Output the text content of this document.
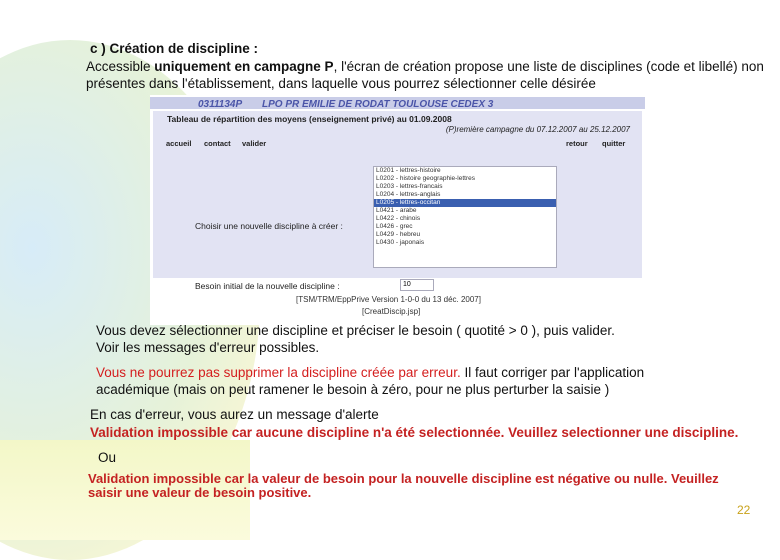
c ) Création de discipline :
Accessible uniquement en campagne P, l'écran de création propose une liste de disciplines (code et libellé) non présentes dans l'établissement, dans laquelle vous pourrez sélectionner celle désirée
0311134P LPO PR EMILIE DE RODAT TOULOUSE CEDEX 3
Tableau de répartition des moyens (enseignement privé) au 01.09.2008
(P)remière campagne du 07.12.2007 au 25.12.2007
accueil contact valider	retour quitter
Choisir une nouvelle discipline à créer :
L0201 - lettres-histoire
L0202 - histoire geographie-lettres
L0203 - lettres-francais
L0204 - lettres-anglais
L0205 - lettres-occitan
L0421 - arabe
L0422 - chinois
L0426 - grec
L0429 - hebreu
L0430 - japonais
Besoin initial de la nouvelle discipline :	10
[TSM/TRM/EppPrive Version 1-0-0 du 13 déc. 2007]
[CreatDiscip.jsp]
Vous devez sélectionner une discipline et préciser le besoin ( quotité > 0 ), puis valider.
Voir les messages d'erreur possibles.
Vous ne pourrez pas supprimer la discipline créée par erreur. Il faut corriger par l'application
académique (mais on peut ramener le besoin à zéro, pour ne plus perturber la saisie )
En cas d'erreur, vous aurez un message d'alerte
Validation impossible car aucune discipline n'a été selectionnée. Veuillez selectionner une discipline.
Ou
Validation impossible car la valeur de besoin pour la nouvelle discipline est négative ou nulle. Veuillez saisir une valeur de besoin positive.
22
